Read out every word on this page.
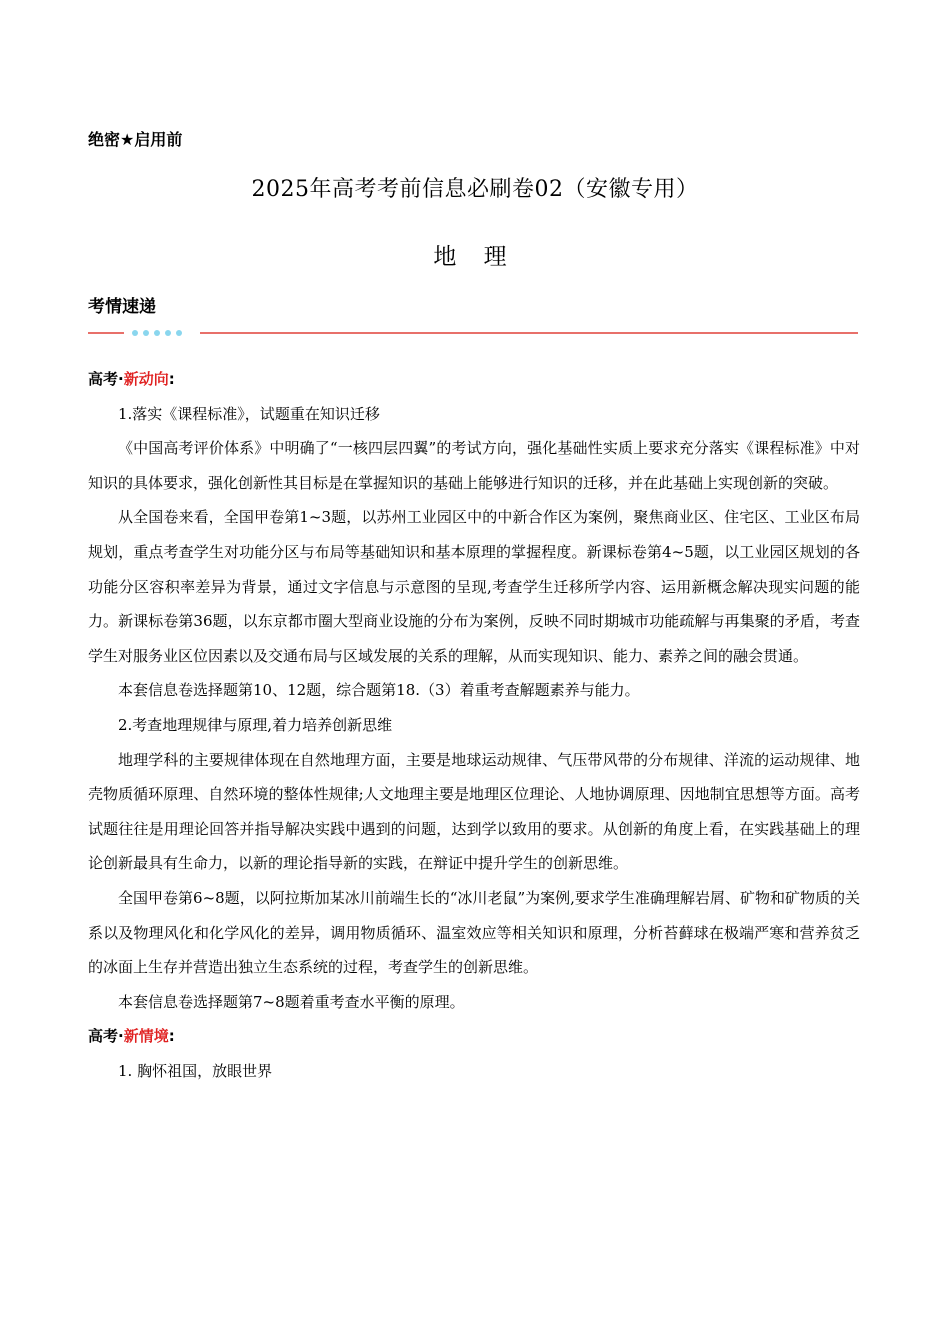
绝密★启用前
2025年高考考前信息必刷卷02（安徽专用）
地 理
考情速递

高考·新动向:

1.落实《课程标准》，试题重在知识迁移

《中国高考评价体系》中明确了“一核四层四翼”的考试方向，强化基础性实质上要求充分落实《课程标准》中对知识的具体要求，强化创新性其目标是在掌握知识的基础上能够进行知识的迁移，并在此基础上实现创新的突破。

从全国卷来看，全国甲卷第1~3题，以苏州工业园区中的中新合作区为案例，聚焦商业区、住宅区、工业区布局规划，重点考查学生对功能分区与布局等基础知识和基本原理的掌握程度。新课标卷第4~5题，以工业园区规划的各功能分区容积率差异为背景，通过文字信息与示意图的呈现,考查学生迁移所学内容、运用新概念解决现实问题的能力。新课标卷第36题，以东京都市圈大型商业设施的分布为案例，反映不同时期城市功能疏解与再集聚的矛盾，考查学生对服务业区位因素以及交通布局与区域发展的关系的理解，从而实现知识、能力、素养之间的融会贯通。

本套信息卷选择题第10、12题，综合题第18.（3）着重考查解题素养与能力。

2.考查地理规律与原理,着力培养创新思维

地理学科的主要规律体现在自然地理方面，主要是地球运动规律、气压带风带的分布规律、洋流的运动规律、地壳物质循环原理、自然环境的整体性规律;人文地理主要是地理区位理论、人地协调原理、因地制宜思想等方面。高考试题往往是用理论回答并指导解决实践中遇到的问题，达到学以致用的要求。从创新的角度上看，在实践基础上的理论创新最具有生命力，以新的理论指导新的实践，在辩证中提升学生的创新思维。

全国甲卷第6~8题，以阿拉斯加某冰川前端生长的“冰川老鼠”为案例,要求学生准确理解岩屑、矿物和矿物质的关系以及物理风化和化学风化的差异，调用物质循环、温室效应等相关知识和原理，分析苔藓球在极端严寒和营养贫乏的冰面上生存并营造出独立生态系统的过程，考查学生的创新思维。

本套信息卷选择题第7~8题着重考查水平衡的原理。

高考·新情境:

1. 胸怀祖国，放眼世界
